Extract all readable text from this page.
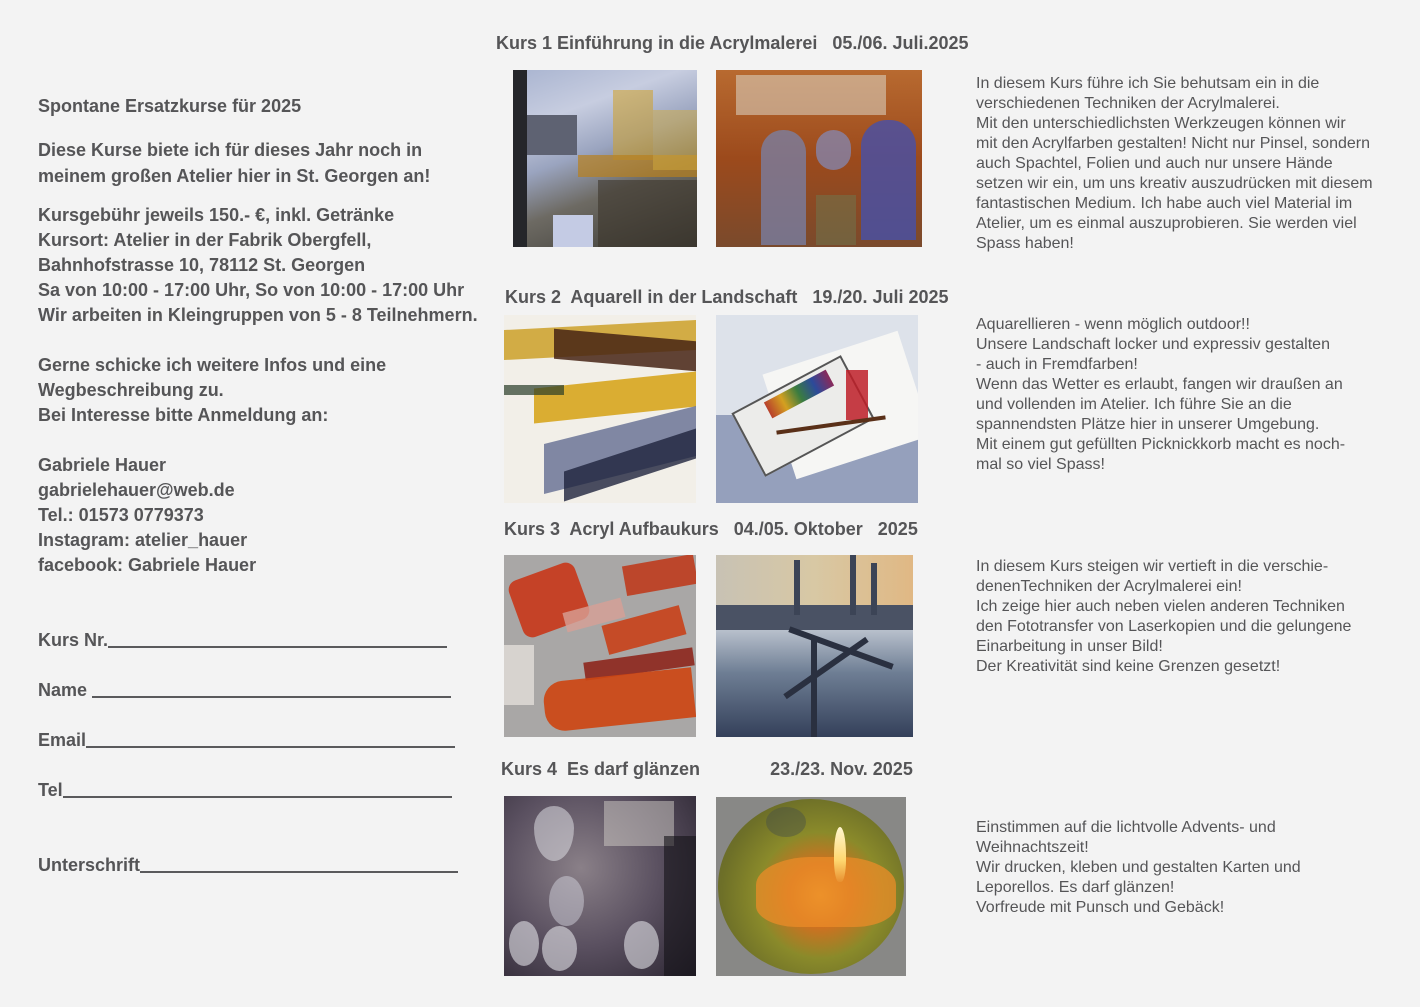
Spontane Ersatzkurse für 2025
Diese Kurse biete ich für dieses Jahr noch in
meinem großen Atelier hier in St. Georgen an!
Kursgebühr jeweils 150.- €, inkl. Getränke
Kursort: Atelier in der Fabrik Obergfell,
Bahnhofstrasse 10, 78112 St. Georgen
Sa von 10:00 - 17:00 Uhr, So von 10:00 - 17:00 Uhr
Wir arbeiten in Kleingruppen von 5 - 8 Teilnehmern.
Gerne schicke ich weitere Infos und eine
Wegbeschreibung zu.
Bei Interesse bitte Anmeldung an:
Gabriele Hauer
gabrielehauer@web.de
Tel.: 01573 0779373
Instagram: atelier_hauer
facebook: Gabriele Hauer
Kurs Nr.
Name
Email
Tel
Unterschrift
Kurs 1 Einführung in die Acrylmalerei   05./06. Juli.2025
In diesem Kurs führe ich Sie behutsam ein in die
verschiedenen Techniken der Acrylmalerei.
Mit den unterschiedlichsten Werkzeugen können wir
mit den Acrylfarben gestalten! Nicht nur Pinsel, sondern
auch Spachtel, Folien und auch nur unsere Hände
setzen wir ein, um uns kreativ auszudrücken mit diesem
fantastischen Medium. Ich habe auch viel Material im
Atelier, um es einmal auszuprobieren. Sie werden viel
Spass haben!
Kurs 2  Aquarell in der Landschaft   19./20. Juli 2025
Aquarellieren - wenn möglich outdoor!!
Unsere Landschaft locker und expressiv gestalten
- auch in Fremdfarben!
Wenn das Wetter es erlaubt, fangen wir draußen an
und vollenden im Atelier. Ich führe Sie an die
spannendsten Plätze hier in unserer Umgebung.
Mit einem gut gefüllten Picknickkorb macht es noch-
mal so viel Spass!
Kurs 3  Acryl Aufbaukurs   04./05. Oktober   2025
In diesem Kurs steigen wir vertieft in die verschie-
denenTechniken der Acrylmalerei ein!
Ich zeige hier auch neben vielen anderen Techniken
den Fototransfer von Laserkopien und die gelungene
Einarbeitung in unser Bild!
Der Kreativität sind keine Grenzen gesetzt!
Kurs 4  Es darf glänzen              23./23. Nov. 2025
Einstimmen auf die lichtvolle Advents- und
Weihnachtszeit!
Wir drucken, kleben und gestalten Karten und
Leporellos. Es darf glänzen!
Vorfreude mit Punsch und Gebäck!
